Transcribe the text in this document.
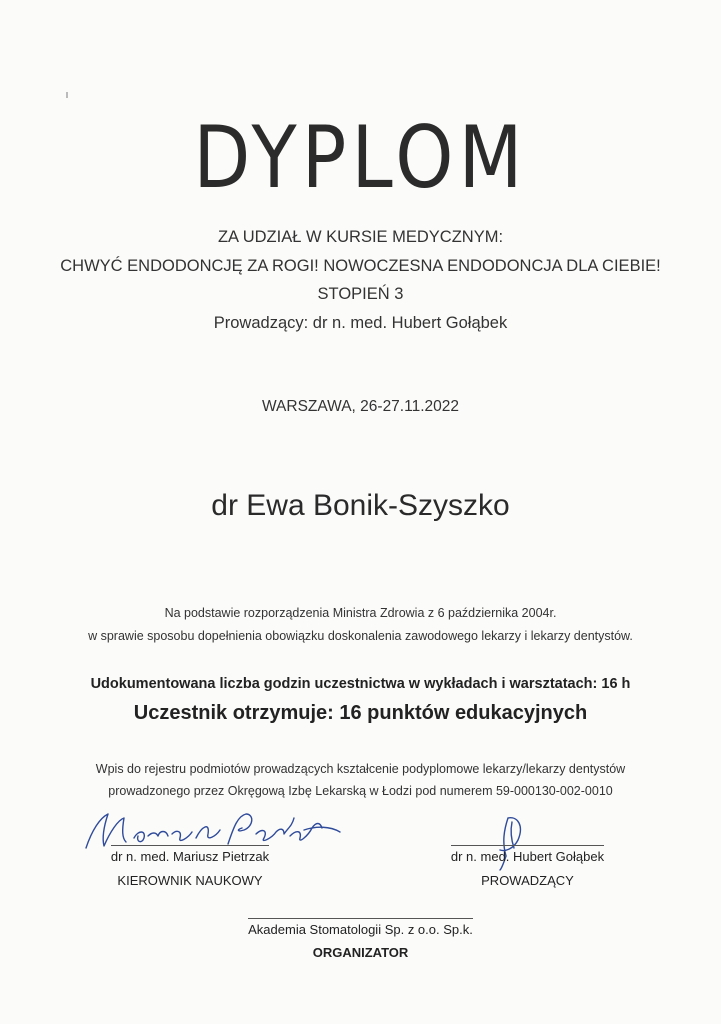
DYPLOM
ZA UDZIAŁ W KURSIE MEDYCZNYM:
CHWYĆ ENDODONCJĘ ZA ROGI! NOWOCZESNA ENDODONCJA DLA CIEBIE!
STOPIEŃ 3
Prowadzący: dr n. med. Hubert Gołąbek
WARSZAWA, 26-27.11.2022
dr Ewa Bonik-Szyszko
Na podstawie rozporządzenia Ministra Zdrowia z 6 października 2004r.
w sprawie sposobu dopełnienia obowiązku doskonalenia zawodowego lekarzy i lekarzy dentystów.
Udokumentowana liczba godzin uczestnictwa w wykładach i warsztatach: 16 h
Uczestnik otrzymuje: 16 punktów edukacyjnych
Wpis do rejestru podmiotów prowadzących kształcenie podyplomowe lekarzy/lekarzy dentystów
prowadzonego przez Okręgową Izbę Lekarską w Łodzi pod numerem 59-000130-002-0010
dr n. med. Mariusz Pietrzak
KIEROWNIK NAUKOWY
dr n. med. Hubert Gołąbek
PROWADZĄCY
Akademia Stomatologii Sp. z o.o. Sp.k.
ORGANIZATOR
